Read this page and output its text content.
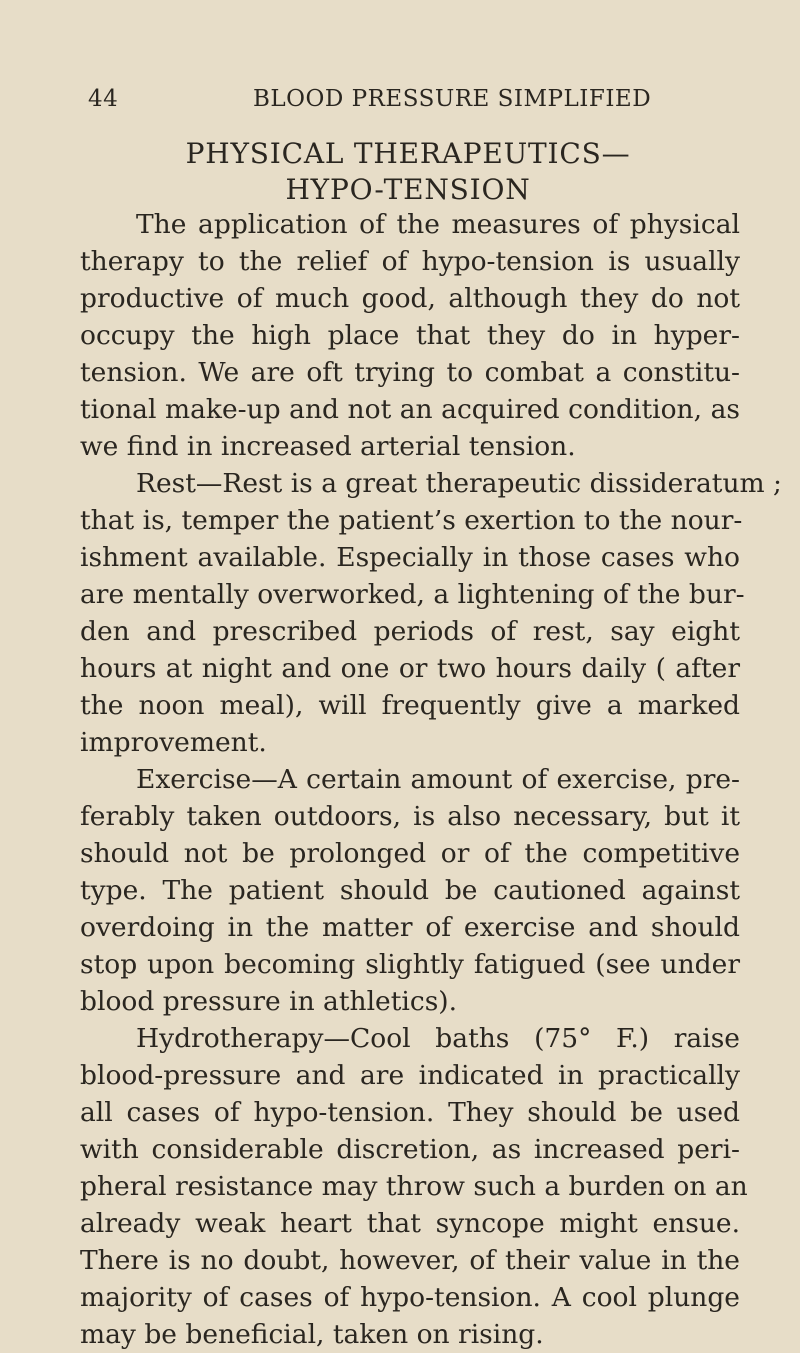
44	BLOOD PRESSURE SIMPLIFIED
PHYSICAL THERAPEUTICS—
HYPO-TENSION
The application of the measures of physical
therapy to the relief of hypo-tension is usually
productive of much good, although they do not
occupy the high place that they do in hyper-
tension. We are oft trying to combat a constitu-
tional make-up and not an acquired condition, as
we find in increased arterial tension.
Rest—Rest is a great therapeutic dissideratum ;
that is, temper the patient’s exertion to the nour-
ishment available. Especially in those cases who
are mentally overworked, a lightening of the bur-
den and prescribed periods of rest, say eight
hours at night and one or two hours daily ( after
the noon meal), will frequently give a marked
improvement.
Exercise—A certain amount of exercise, pre-
ferably taken outdoors, is also necessary, but it
should not be prolonged or of the competitive
type. The patient should be cautioned against
overdoing in the matter of exercise and should
stop upon becoming slightly fatigued (see under
blood pressure in athletics).
Hydrotherapy—Cool baths (75° F.) raise
blood-pressure and are indicated in practically
all cases of hypo-tension. They should be used
with considerable discretion, as increased peri-
pheral resistance may throw such a burden on an
already weak heart that syncope might ensue.
There is no doubt, however, of their value in the
majority of cases of hypo-tension. A cool plunge
may be beneficial, taken on rising.
